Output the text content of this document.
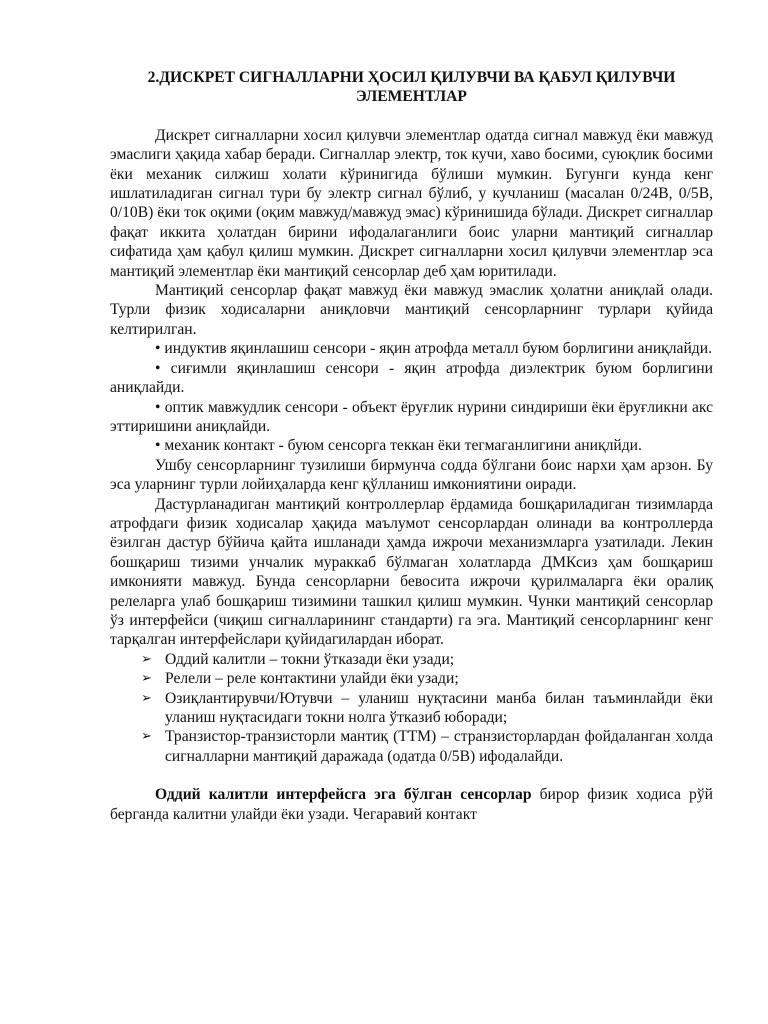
2.ДИСКРЕТ СИГНАЛЛАРНИ ҲОСИЛ ҚИЛУВЧИ ВА ҚАБУЛ ҚИЛУВЧИ ЭЛЕМЕНТЛАР

Дискрет сигналларни хосил қилувчи элементлар одатда сигнал мавжуд ёки мавжуд эмаслиги ҳақида хабар беради. Сигналлар электр, ток кучи, хаво босими, суюқлик босими ёки механик силжиш холати кўринигида бўлиши мумкин. Бугунги кунда кенг ишлатиладиган сигнал тури бу электр сигнал бўлиб, у кучланиш (масалан 0/24В, 0/5В, 0/10В) ёки ток оқими (оқим мавжуд/мавжуд эмас) кўринишида бўлади. Дискрет сигналлар фақат иккита ҳолатдан бирини ифодалаганлиги боис уларни мантиқий сигналлар сифатида ҳам қабул қилиш мумкин. Дискрет сигналларни хосил қилувчи элементлар эса мантиқий элементлар ёки мантиқий сенсорлар деб ҳам юритилади.

Мантиқий сенсорлар фақат мавжуд ёки мавжуд эмаслик ҳолатни аниқлай олади. Турли физик ходисаларни аниқловчи мантиқий сенсорларнинг турлари қуйида келтирилган.

• индуктив яқинлашиш сенсори - яқин атрофда металл буюм борлигини аниқлайди.

• сиғимли яқинлашиш сенсори - яқин атрофда диэлектрик буюм борлигини аниқлайди.

• оптик мавжудлик сенсори - объект ёруғлик нурини синдириши ёки ёруғликни акс эттиришини аниқлайди.

• механик контакт - буюм сенсорга теккан ёки тегмаганлигини аниқлйди.

Ушбу сенсорларнинг тузилиши бирмунча содда бўлгани боис нархи ҳам арзон. Бу эса уларнинг турли лойиҳаларда кенг қўлланиш имкониятини оиради.

Дастурланадиган мантиқий контроллерлар ёрдамида бошқариладиган тизимларда атрофдаги физик ходисалар ҳақида маълумот сенсорлардан олинади ва контроллерда ёзилган дастур бўйича қайта ишланади ҳамда ижрочи механизмларга узатилади. Лекин бошқариш тизими унчалик мураккаб бўлмаган холатларда ДМКсиз ҳам бошқариш имконияти мавжуд. Бунда сенсорларни бевосита ижрочи қурилмаларга ёки оралиқ релеларга улаб бошқариш тизимини ташкил қилиш мумкин. Чунки мантиқий сенсорлар ўз интерфейси (чиқиш сигналларининг стандарти) га эга. Мантиқий сенсорларнинг кенг тарқалган интерфейслари қуйидагилардан иборат.

➢ Оддий калитли – токни ўтказади ёки узади;
➢ Релели – реле контактини улайди ёки узади;
➢ Озиқлантирувчи/Ютувчи – уланиш нуқтасини манба билан таъминлайди ёки уланиш нуқтасидаги токни нолга ўтказиб юборади;
➢ Транзистор-транзисторли мантиқ (ТТМ) – странзисторлардан фойдаланган холда сигналларни мантиқий даражада (одатда 0/5В) ифодалайди.

Оддий калитли интерфейсга эга бўлган сенсорлар бирор физик ходиса рўй берганда калитни улайди ёки узади. Чегаравий контакт
